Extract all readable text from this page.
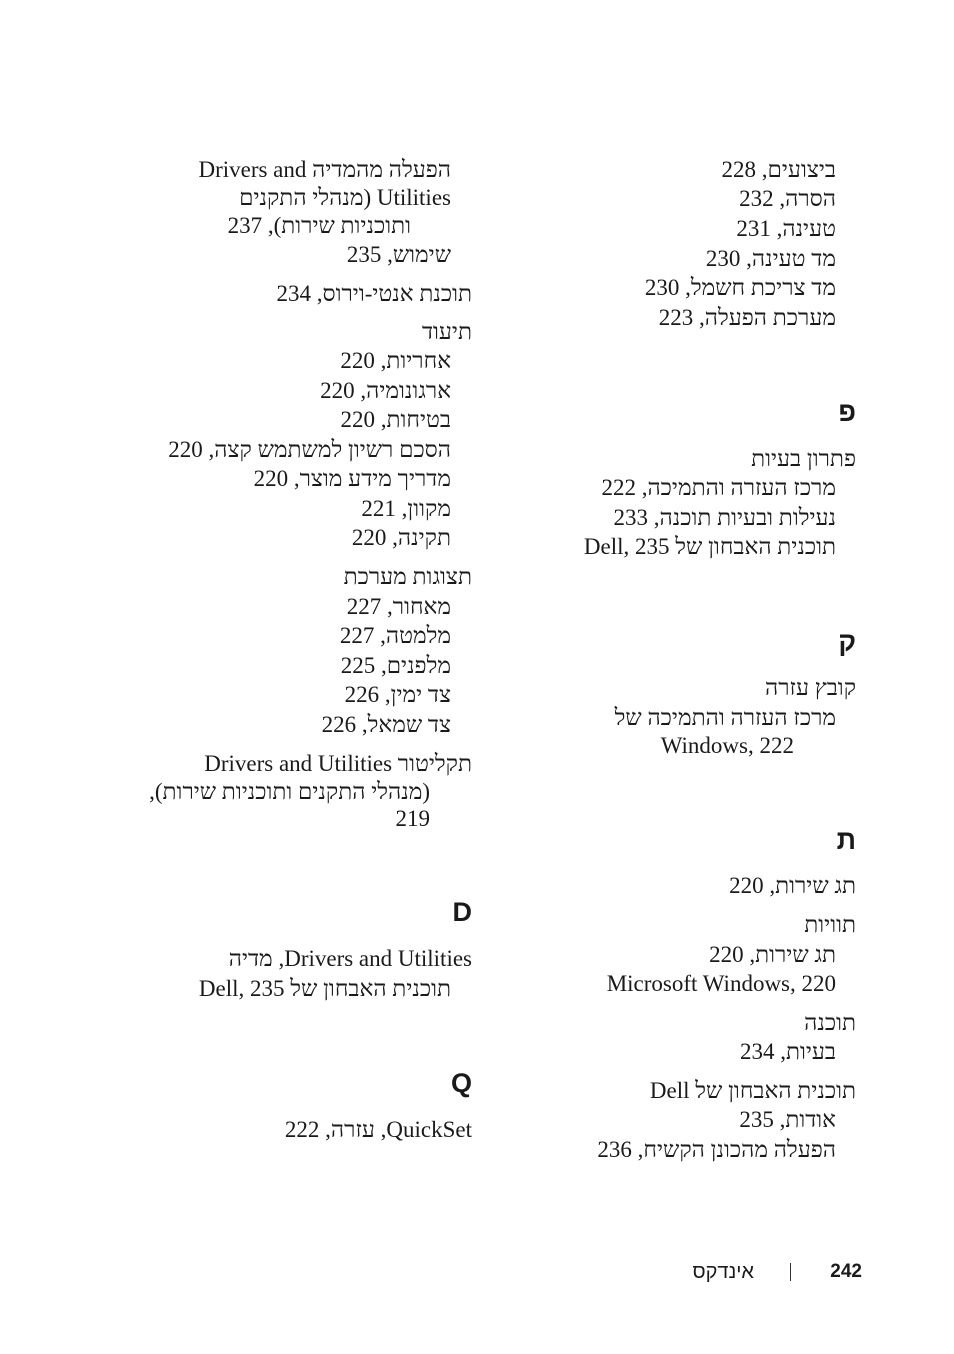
ביצועים, 228
הסרה, 232
טעינה, 231
מד טעינה, 230
מד צריכת חשמל, 230
מערכת הפעלה, 223
פ
פתרון בעיות
מרכז העזרה והתמיכה, 222
נעילות ובעיות תוכנה, 233
תוכנית האבחון של Dell, 235
ק
קובץ עזרה
מרכז העזרה והתמיכה של
Windows, 222
ת
תג שירות, 220
תוויות
תג שירות, 220
Microsoft Windows, 220
תוכנה
בעיות, 234
תוכנית האבחון של Dell
אודות, 235
הפעלה מהכונן הקשיח, 236
הפעלה מהמדיה Drivers and
Utilities (מנהלי התקנים
ותוכניות שירות), 237
שימוש, 235
תוכנת אנטי-וירוס, 234
תיעוד
אחריות, 220
ארגונומיה, 220
בטיחות, 220
הסכם רשיון למשתמש קצה, 220
מדריך מידע מוצר, 220
מקוון, 221
תקינה, 220
תצוגות מערכת
מאחור, 227
מלמטה, 227
מלפנים, 225
צד ימין, 226
צד שמאל, 226
תקליטור Drivers and Utilities
(מנהלי התקנים ותוכניות שירות),
219
D
Drivers and Utilities, מדיה
תוכנית האבחון של Dell, 235
Q
QuickSet, עזרה, 222
אינדקס	242
